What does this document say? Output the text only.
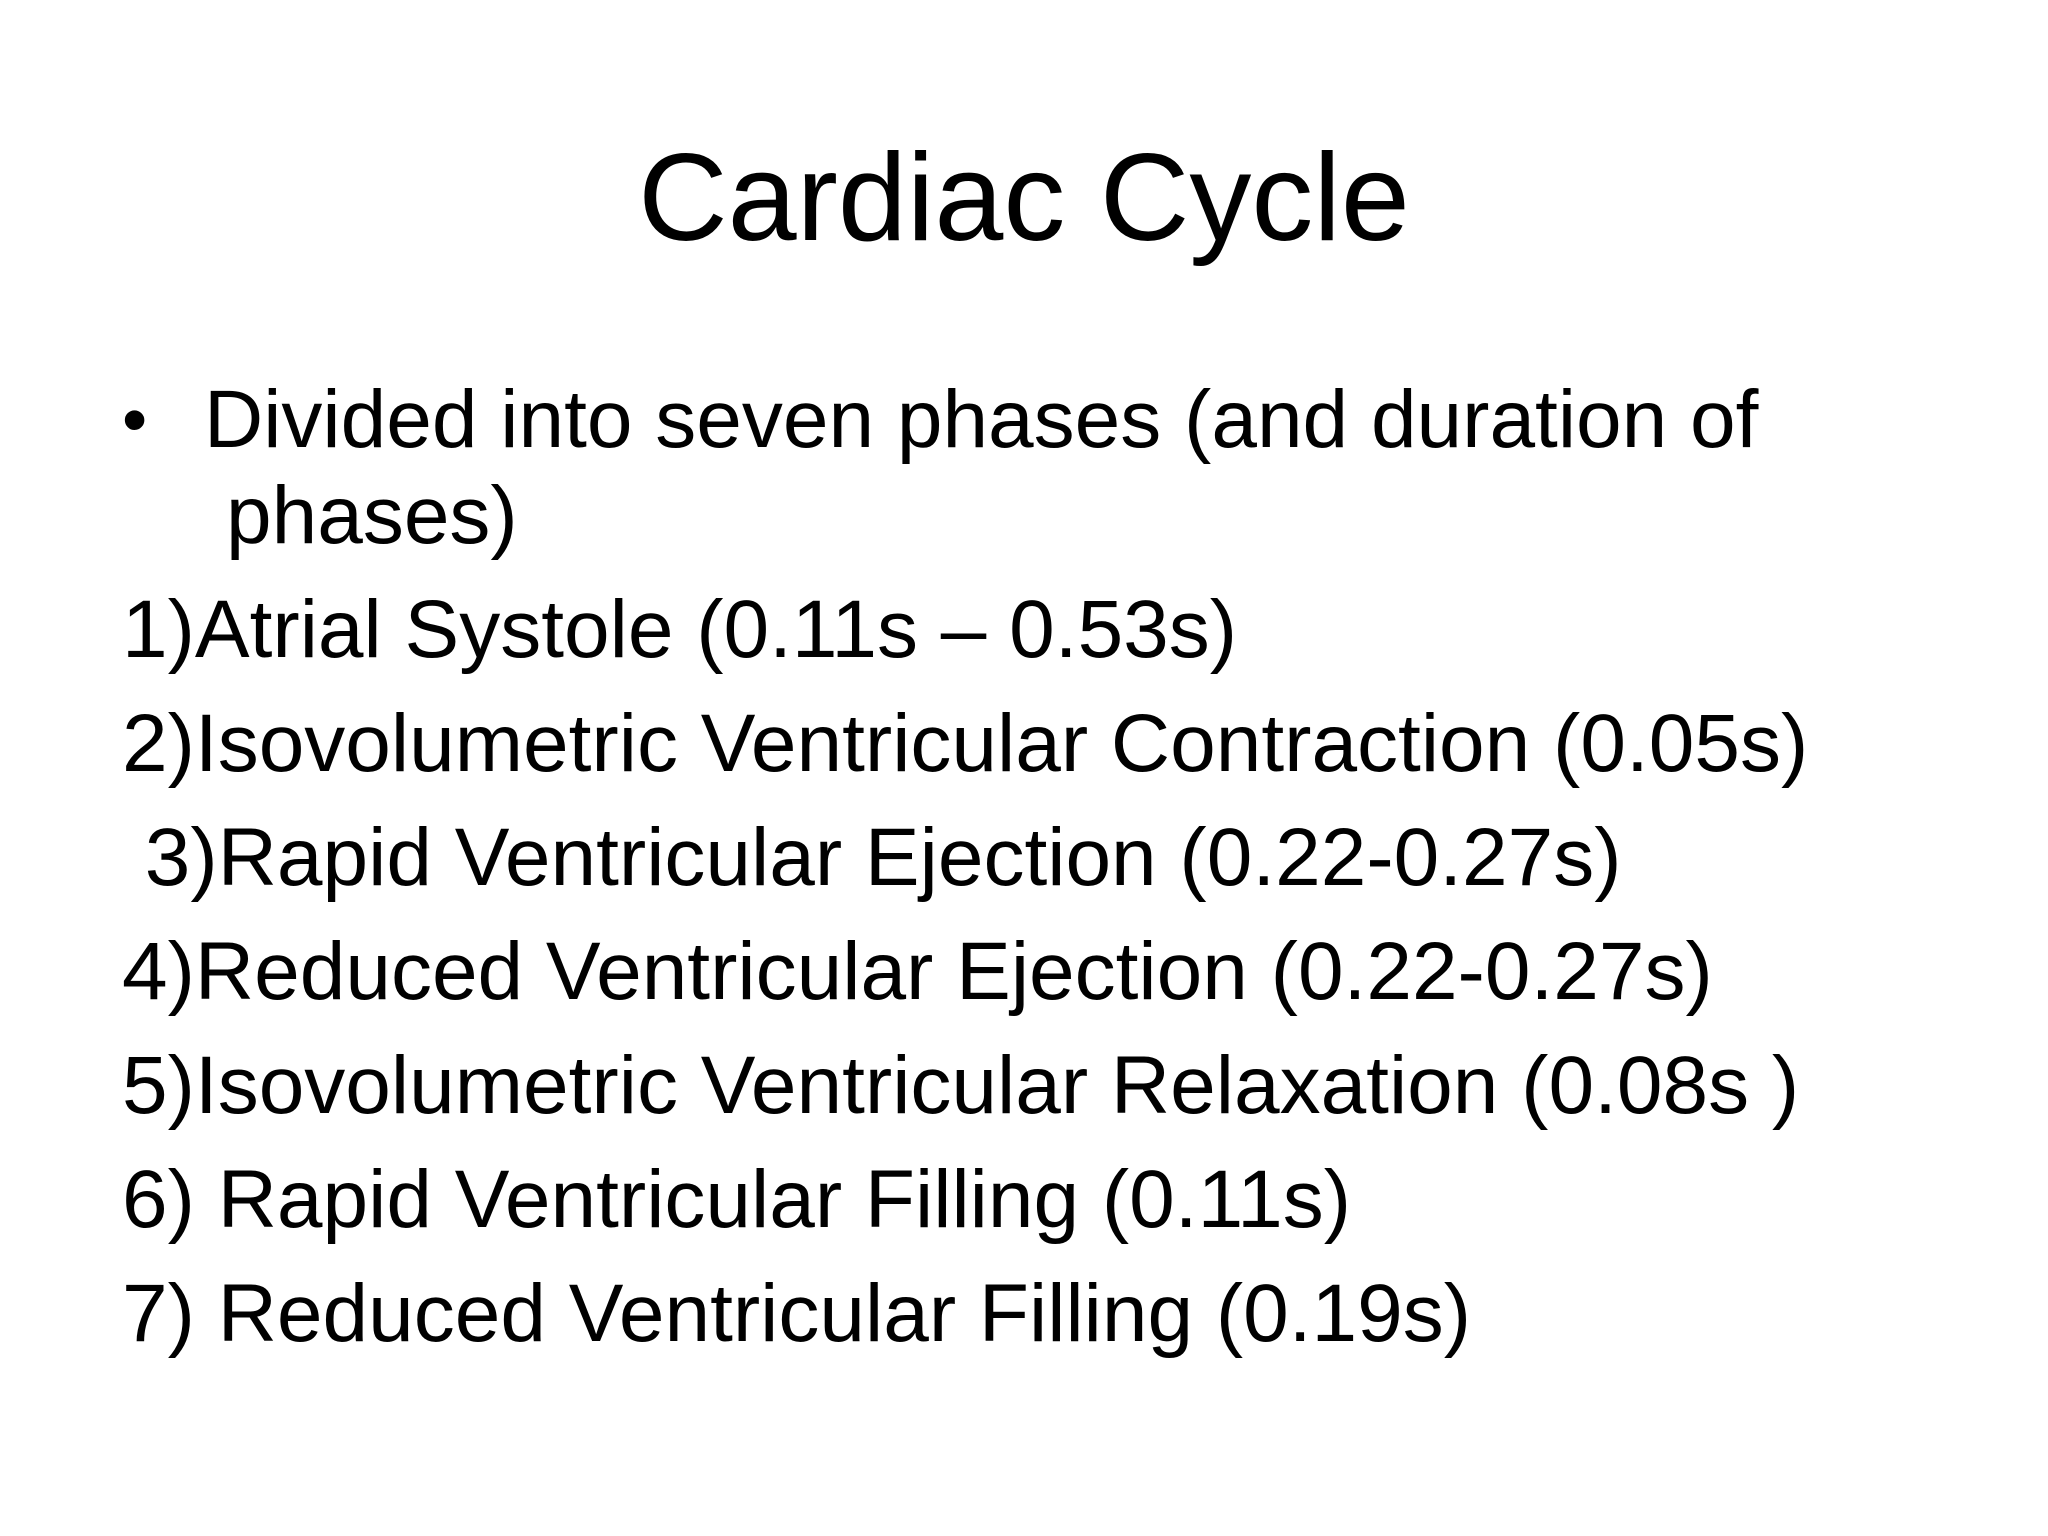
Cardiac Cycle
• Divided into seven phases (and duration of
phases)
1)Atrial Systole (0.11s – 0.53s)
2)Isovolumetric Ventricular Contraction (0.05s)
3)Rapid Ventricular Ejection (0.22-0.27s)
4)Reduced Ventricular Ejection (0.22-0.27s)
5)Isovolumetric Ventricular Relaxation (0.08s )
6) Rapid Ventricular Filling (0.11s)
7) Reduced Ventricular Filling (0.19s)
